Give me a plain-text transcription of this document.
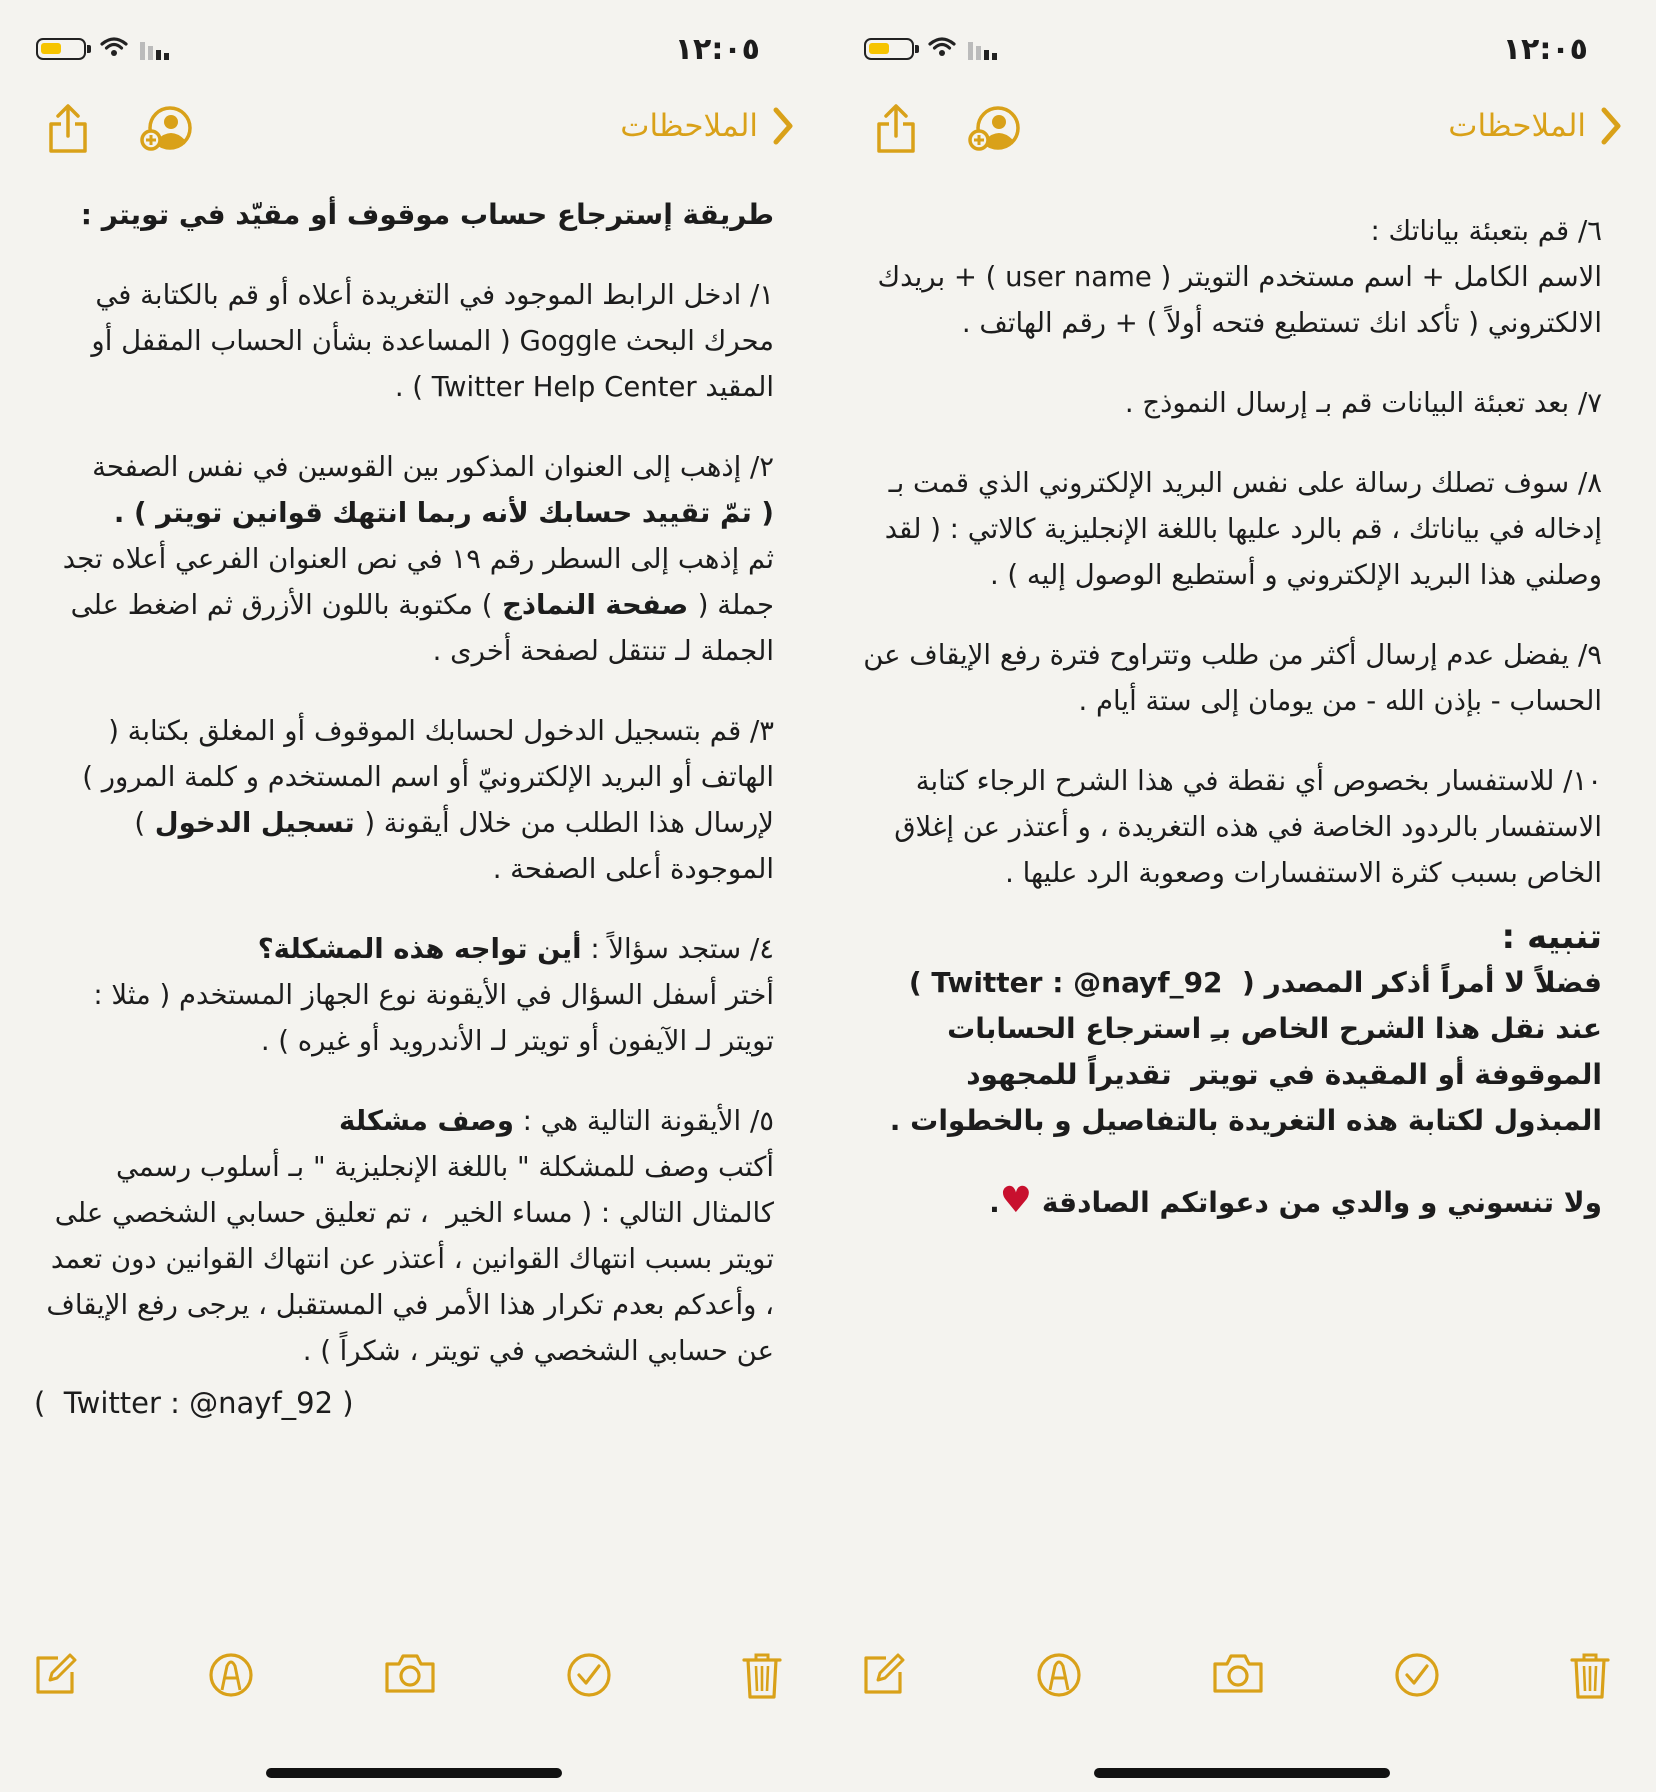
١٢:٠٥
الملاحظات

طريقة إسترجاع حساب موقوف أو مقيّد في تويتر :

١/ ادخل الرابط الموجود في التغريدة أعلاه أو قم بالكتابة في محرك البحث Goggle ( المساعدة بشأن الحساب المقفل أو المقيد Twitter Help Center ) .

٢/ إذهب إلى العنوان المذكور بين القوسين في نفس الصفحة
( تمّ تقييد حسابك لأنه ربما انتهك قوانين تويتر ) .
ثم إذهب إلى السطر رقم ١٩ في نص العنوان الفرعي أعلاه تجد جملة ( صفحة النماذج ) مكتوبة باللون الأزرق ثم اضغط على الجملة لـ تنتقل لصفحة أخرى .

٣/ قم بتسجيل الدخول لحسابك الموقوف أو المغلق بكتابة ( الهاتف أو البريد الإلكترونيّ أو اسم المستخدم و كلمة المرور )  لإرسال هذا الطلب من خلال أيقونة ( تسجيل الدخول ) الموجودة أعلى الصفحة .

٤/ ستجد سؤالاً : أين تواجه هذه المشكلة؟
أختر أسفل السؤال في الأيقونة نوع الجهاز المستخدم ( مثلا : تويتر لـ الآيفون أو تويتر لـ الأندرويد أو غيره ) .

٥/ الأيقونة التالية هي : وصف مشكلة
أكتب وصف للمشكلة " باللغة الإنجليزية " بـ أسلوب رسمي كالمثال التالي : ( مساء الخير  ، تم تعليق حسابي الشخصي على تويتر بسبب انتهاك القوانين ، أعتذر عن انتهاك القوانين دون تعمد  ، وأعدكم بعدم تكرار هذا الأمر في المستقبل ، يرجى رفع الإيقاف عن حسابي الشخصي في تويتر ، شكراً ) .

(  Twitter : @nayf_92 )

١٢:٠٥
الملاحظات

٦/ قم بتعبئة بياناتك :
الاسم الكامل + اسم مستخدم التويتر ( user name ) + بريدك الالكتروني ( تأكد انك تستطيع فتحه أولاً ) + رقم الهاتف .

٧/ بعد تعبئة البيانات قم بـ إرسال النموذج .

٨/ سوف تصلك رسالة على نفس البريد الإلكتروني الذي قمت بـ إدخاله في بياناتك ، قم بالرد عليها باللغة الإنجليزية كالاتي : ( لقد وصلني هذا البريد الإلكتروني و أستطيع الوصول إليه ) .

٩/ يفضل عدم إرسال أكثر من طلب وتتراوح فترة رفع الإيقاف عن الحساب - بإذن الله - من يومان إلى ستة أيام .

١٠/ للاستفسار بخصوص أي نقطة في هذا الشرح الرجاء كتابة الاستفسار بالردود الخاصة في هذه التغريدة ، و أعتذر عن إغلاق الخاص بسبب كثرة الاستفسارات وصعوبة الرد عليها .

تنبيه :

فضلاً لا أمراً أذكر المصدر (  Twitter : @nayf_92 ) عند نقل هذا الشرح الخاص بـِ استرجاع الحسابات الموقوفة أو المقيدة في تويتر  تقديراً للمجهود المبذول لكتابة هذه التغريدة بالتفاصيل و بالخطوات .

ولا تنسوني و والدي من دعواتكم الصادقة ♥.
